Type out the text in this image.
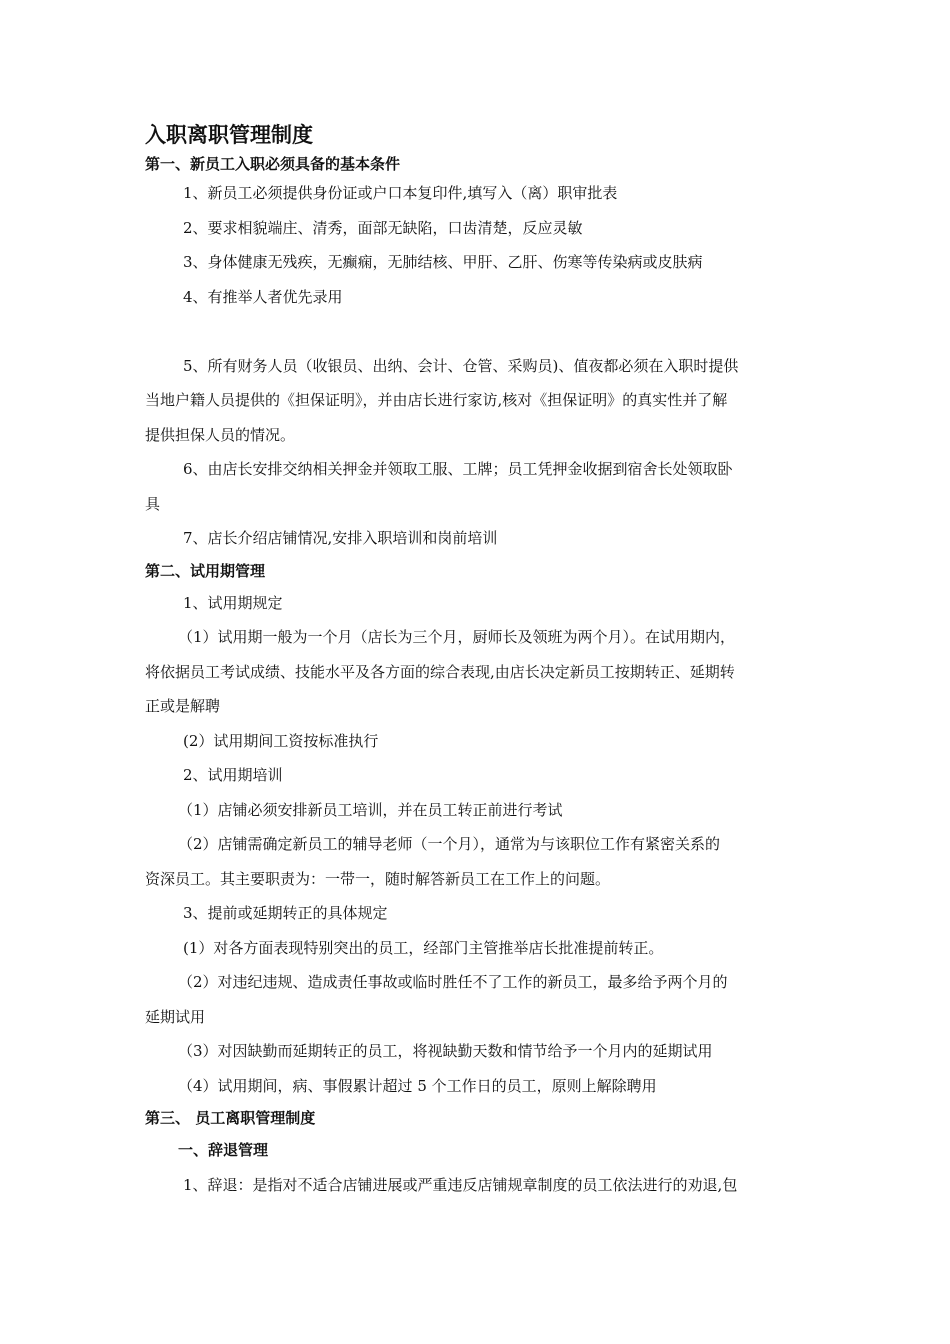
入职离职管理制度
第一、新员工入职必须具备的基本条件

1、新员工必须提供身份证或户口本复印件,填写入（离）职审批表

2、要求相貌端庄、清秀，面部无缺陷，口齿清楚，反应灵敏

3、身体健康无残疾，无癫痫，无肺结核、甲肝、乙肝、伤寒等传染病或皮肤病

4、有推举人者优先录用

5、所有财务人员（收银员、出纳、会计、仓管、采购员)、值夜都必须在入职时提供

当地户籍人员提供的《担保证明》，并由店长进行家访,核对《担保证明》的真实性并了解

提供担保人员的情况。

6、由店长安排交纳相关押金并领取工服、工牌；员工凭押金收据到宿舍长处领取卧

具

7、店长介绍店铺情况,安排入职培训和岗前培训

第二、试用期管理

1、试用期规定

（1）试用期一般为一个月（店长为三个月，厨师长及领班为两个月）。在试用期内，

将依据员工考试成绩、技能水平及各方面的综合表现,由店长决定新员工按期转正、延期转

正或是解聘

(2）试用期间工资按标准执行

2、试用期培训

（1）店铺必须安排新员工培训，并在员工转正前进行考试

（2）店铺需确定新员工的辅导老师（一个月），通常为与该职位工作有紧密关系的

资深员工。其主要职责为：一带一，随时解答新员工在工作上的问题。

3、提前或延期转正的具体规定

(1）对各方面表现特别突出的员工，经部门主管推举店长批准提前转正。

（2）对违纪违规、造成责任事故或临时胜任不了工作的新员工，最多给予两个月的

延期试用

（3）对因缺勤而延期转正的员工，将视缺勤天数和情节给予一个月内的延期试用

（4）试用期间，病、事假累计超过 5 个工作日的员工，原则上解除聘用

第三、 员工离职管理制度

一、辞退管理

1、辞退：是指对不适合店铺进展或严重违反店铺规章制度的员工依法进行的劝退,包
